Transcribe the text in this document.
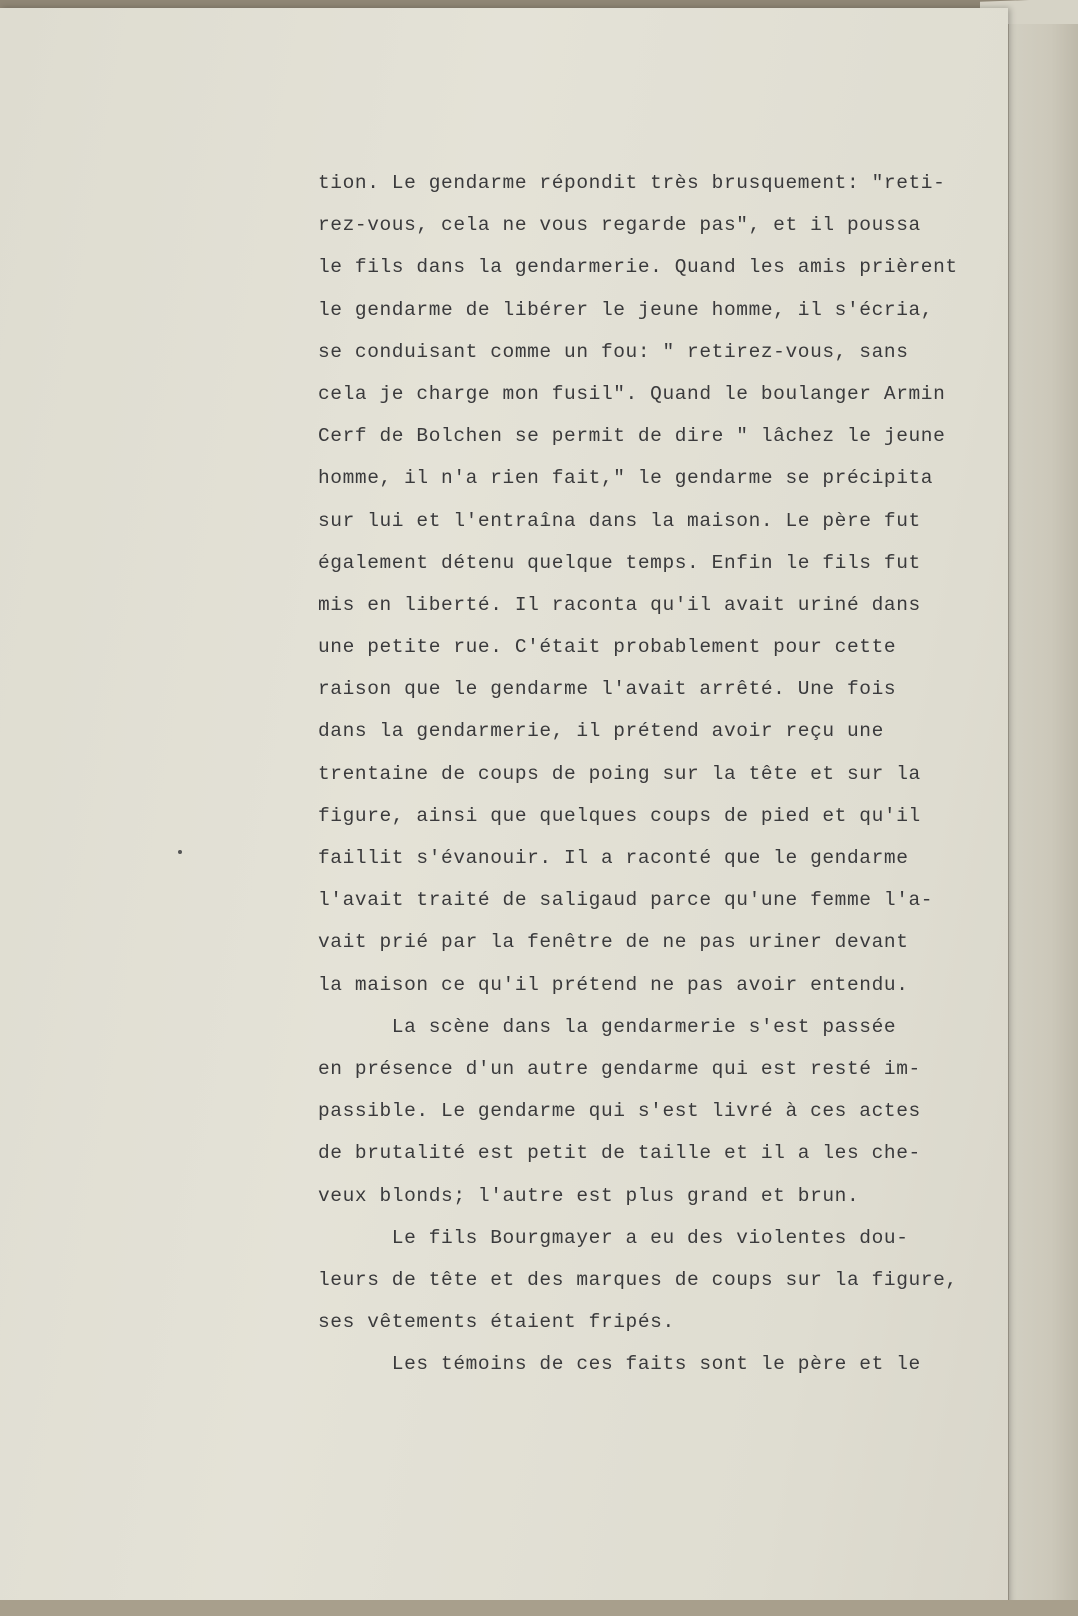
tion. Le gendarme répondit très brusquement: "reti-
rez-vous, cela ne vous regarde pas", et il poussa
le fils dans la gendarmerie. Quand les amis prièrent
le gendarme de libérer le jeune homme, il s'écria,
se conduisant comme un fou: " retirez-vous, sans
cela je charge mon fusil". Quand le boulanger Armin
Cerf de Bolchen se permit de dire " lâchez le jeune
homme, il n'a rien fait," le gendarme se précipita
sur lui et l'entraîna dans la maison. Le père fut
également détenu quelque temps. Enfin le fils fut
mis en liberté. Il raconta qu'il avait uriné dans
une petite rue. C'était probablement pour cette
raison que le gendarme l'avait arrêté. Une fois
dans la gendarmerie, il prétend avoir reçu une
trentaine de coups de poing sur la tête et sur la
figure, ainsi que quelques coups de pied et qu'il
faillit s'évanouir. Il a raconté que le gendarme
l'avait traité de saligaud parce qu'une femme l'a-
vait prié par la fenêtre de ne pas uriner devant
la maison ce qu'il prétend ne pas avoir entendu.
La scène dans la gendarmerie s'est passée
en présence d'un autre gendarme qui est resté im-
passible. Le gendarme qui s'est livré à ces actes
de brutalité est petit de taille et il a les che-
veux blonds; l'autre est plus grand et brun.
Le fils Bourgmayer a eu des violentes dou-
leurs de tête et des marques de coups sur la figure,
ses vêtements étaient fripés.
Les témoins de ces faits sont le père et le
